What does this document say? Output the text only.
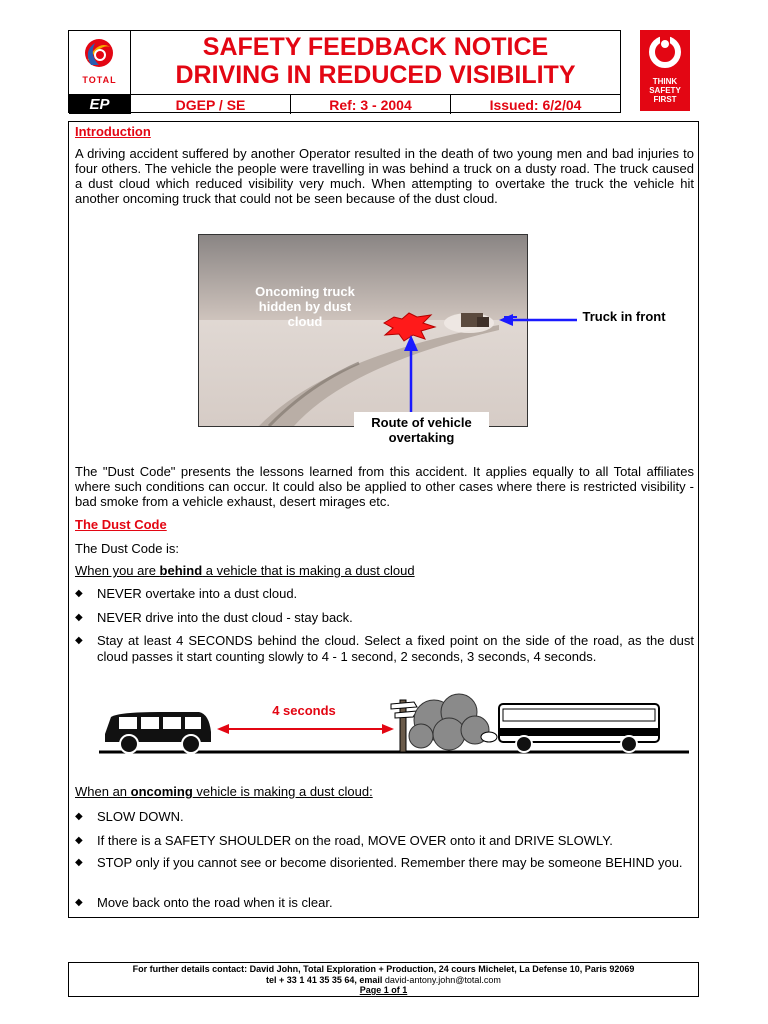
TOTAL
SAFETY FEEDBACK NOTICE
DRIVING IN REDUCED VISIBILITY
EP	DGEP / SE	Ref: 3 - 2004	Issued: 6/2/04
THINK
SAFETY
FIRST
Introduction
A driving accident suffered by another Operator resulted in the death of two young men and bad injuries to four others. The vehicle the people were travelling in was behind a truck on a dusty road. The truck caused a dust cloud which reduced visibility very much. When attempting to overtake the truck the vehicle hit another oncoming truck that could not be seen because of the dust cloud.
Oncoming truck hidden by dust cloud	Truck in front
Route of vehicle overtaking
The "Dust Code" presents the lessons learned from this accident. It applies equally to all Total affiliates where such conditions can occur. It could also be applied to other cases where there is restricted visibility - bad smoke from a vehicle exhaust, desert mirages etc.
The Dust Code
The Dust Code is:
When you are behind a vehicle that is making a dust cloud
◆ NEVER overtake into a dust cloud.
◆ NEVER drive into the dust cloud - stay back.
◆ Stay at least 4 SECONDS behind the cloud. Select a fixed point on the side of the road, as the dust cloud passes it start counting slowly to 4 - 1 second, 2 seconds, 3 seconds, 4 seconds.
4 seconds
When an oncoming vehicle is making a dust cloud:
◆ SLOW DOWN.
◆ If there is a SAFETY SHOULDER on the road, MOVE OVER onto it and DRIVE SLOWLY.
◆ STOP only if you cannot see or become disoriented. Remember there may be someone BEHIND you.
◆ Move back onto the road when it is clear.
For further details contact: David John, Total Exploration + Production, 24 cours Michelet, La Defense 10, Paris 92069
tel + 33 1 41 35 35 64, email david-antony.john@total.com
Page 1 of 1
